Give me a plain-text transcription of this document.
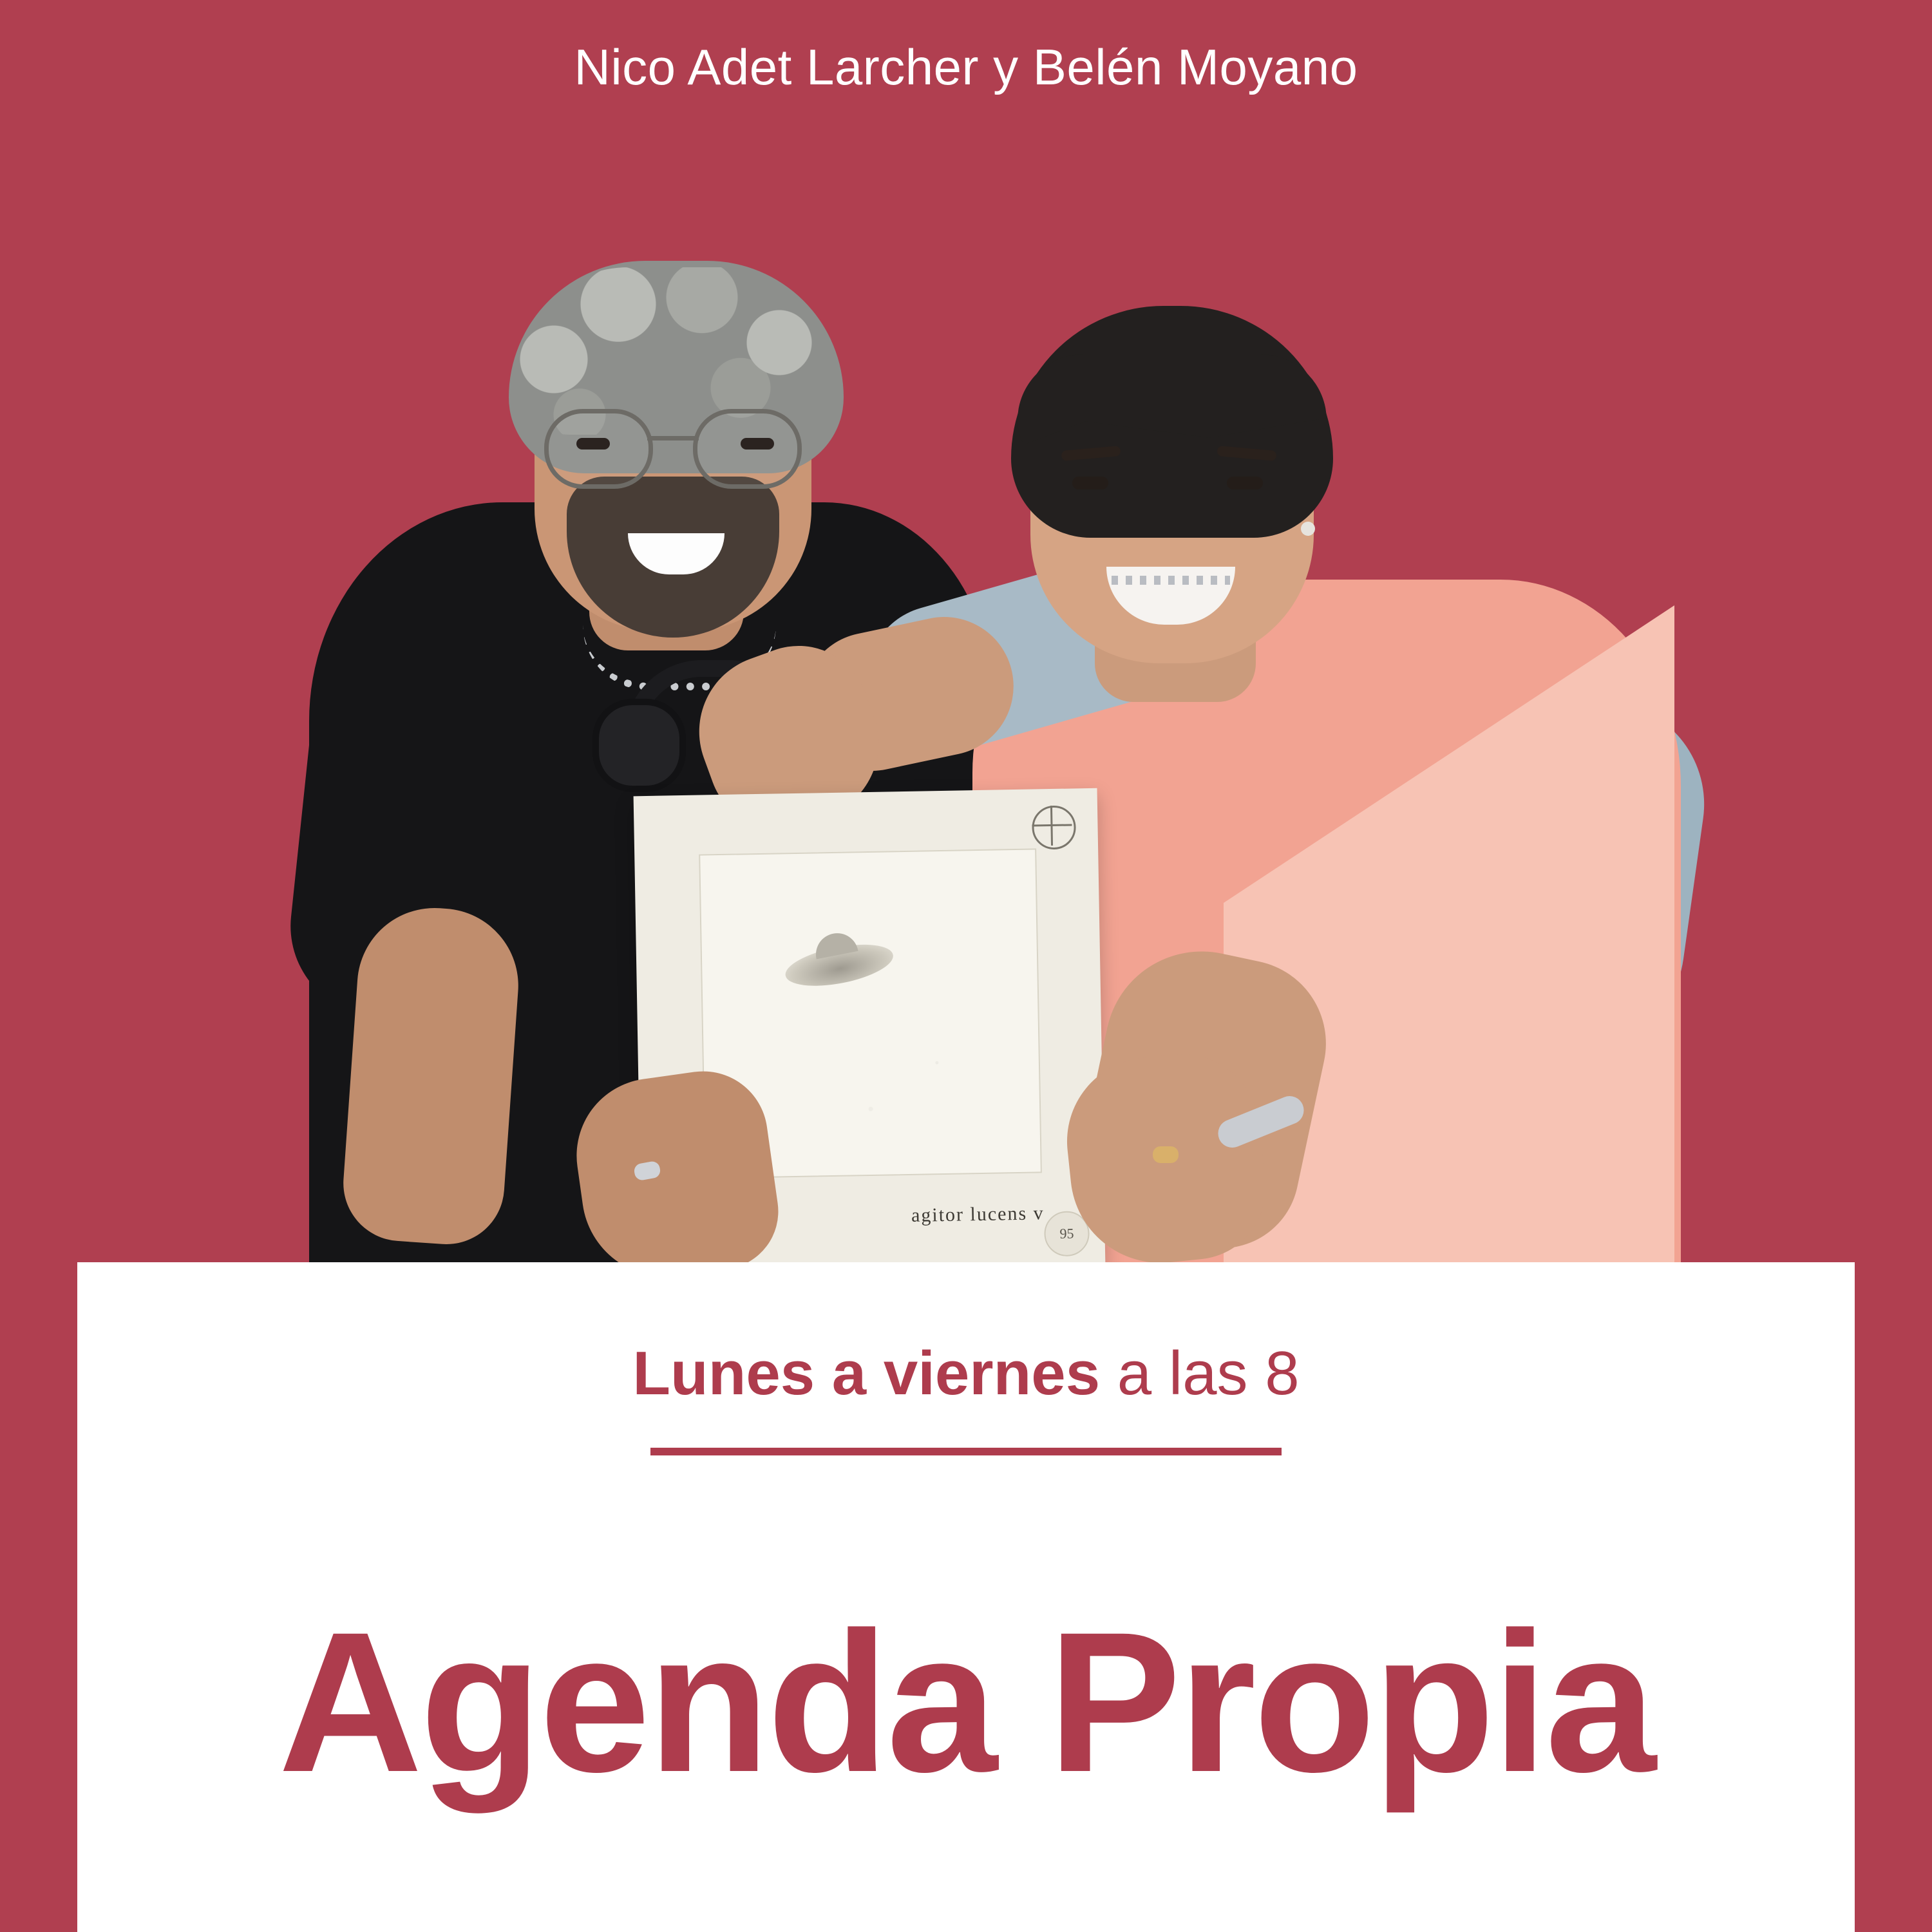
Nico Adet Larcher y Belén Moyano
agitor lucens v
95
Lunes a viernes a las 8
Agenda Propia
